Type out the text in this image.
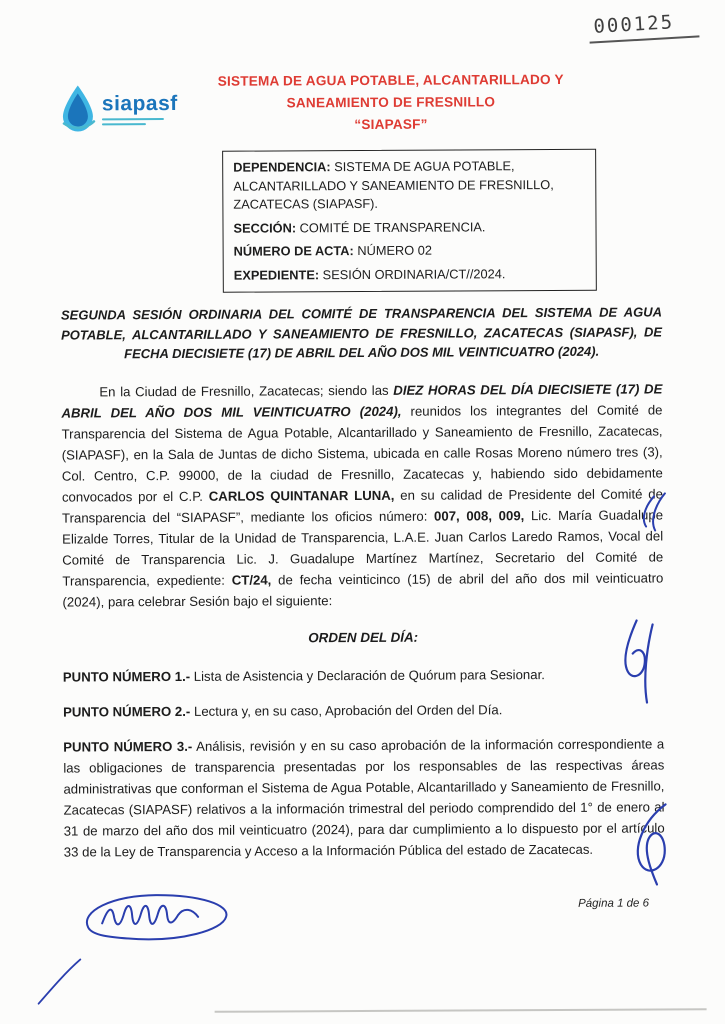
000125
siapasf
SISTEMA DE AGUA POTABLE, ALCANTARILLADO Y
SANEAMIENTO DE FRESNILLO
“SIAPASF”

DEPENDENCIA: SISTEMA DE AGUA POTABLE, ALCANTARILLADO Y SANEAMIENTO DE FRESNILLO, ZACATECAS (SIAPASF).

SECCIÓN: COMITÉ DE TRANSPARENCIA.

NÚMERO DE ACTA: NÚMERO 02

EXPEDIENTE: SESIÓN ORDINARIA/CT//2024.

SEGUNDA SESIÓN ORDINARIA DEL COMITÉ DE TRANSPARENCIA DEL SISTEMA DE AGUA POTABLE, ALCANTARILLADO Y SANEAMIENTO DE FRESNILLO, ZACATECAS (SIAPASF), DE FECHA DIECISIETE (17) DE ABRIL DEL AÑO DOS MIL VEINTICUATRO (2024).

En la Ciudad de Fresnillo, Zacatecas; siendo las DIEZ HORAS DEL DÍA DIECISIETE (17) DE ABRIL DEL AÑO DOS MIL VEINTICUATRO (2024), reunidos los integrantes del Comité de Transparencia del Sistema de Agua Potable, Alcantarillado y Saneamiento de Fresnillo, Zacatecas, (SIAPASF), en la Sala de Juntas de dicho Sistema, ubicada en calle Rosas Moreno número tres (3), Col. Centro, C.P. 99000, de la ciudad de Fresnillo, Zacatecas y, habiendo sido debidamente convocados por el C.P. CARLOS QUINTANAR LUNA, en su calidad de Presidente del Comité de Transparencia del “SIAPASF”, mediante los oficios número: 007, 008, 009, Lic. María Guadalupe Elizalde Torres, Titular de la Unidad de Transparencia, L.A.E. Juan Carlos Laredo Ramos, Vocal del Comité de Transparencia Lic. J. Guadalupe Martínez Martínez, Secretario del Comité de Transparencia, expediente: CT/24, de fecha veinticinco (15) de abril del año dos mil veinticuatro (2024), para celebrar Sesión bajo el siguiente:

ORDEN DEL DÍA:

PUNTO NÚMERO 1.- Lista de Asistencia y Declaración de Quórum para Sesionar.

PUNTO NÚMERO 2.- Lectura y, en su caso, Aprobación del Orden del Día.

PUNTO NÚMERO 3.- Análisis, revisión y en su caso aprobación de la información correspondiente a las obligaciones de transparencia presentadas por los responsables de las respectivas áreas administrativas que conforman el Sistema de Agua Potable, Alcantarillado y Saneamiento de Fresnillo, Zacatecas (SIAPASF) relativos a la información trimestral del periodo comprendido del 1° de enero al 31 de marzo del año dos mil veinticuatro (2024), para dar cumplimiento a lo dispuesto por el artículo 33 de la Ley de Transparencia y Acceso a la Información Pública del estado de Zacatecas.

Página 1 de 6
